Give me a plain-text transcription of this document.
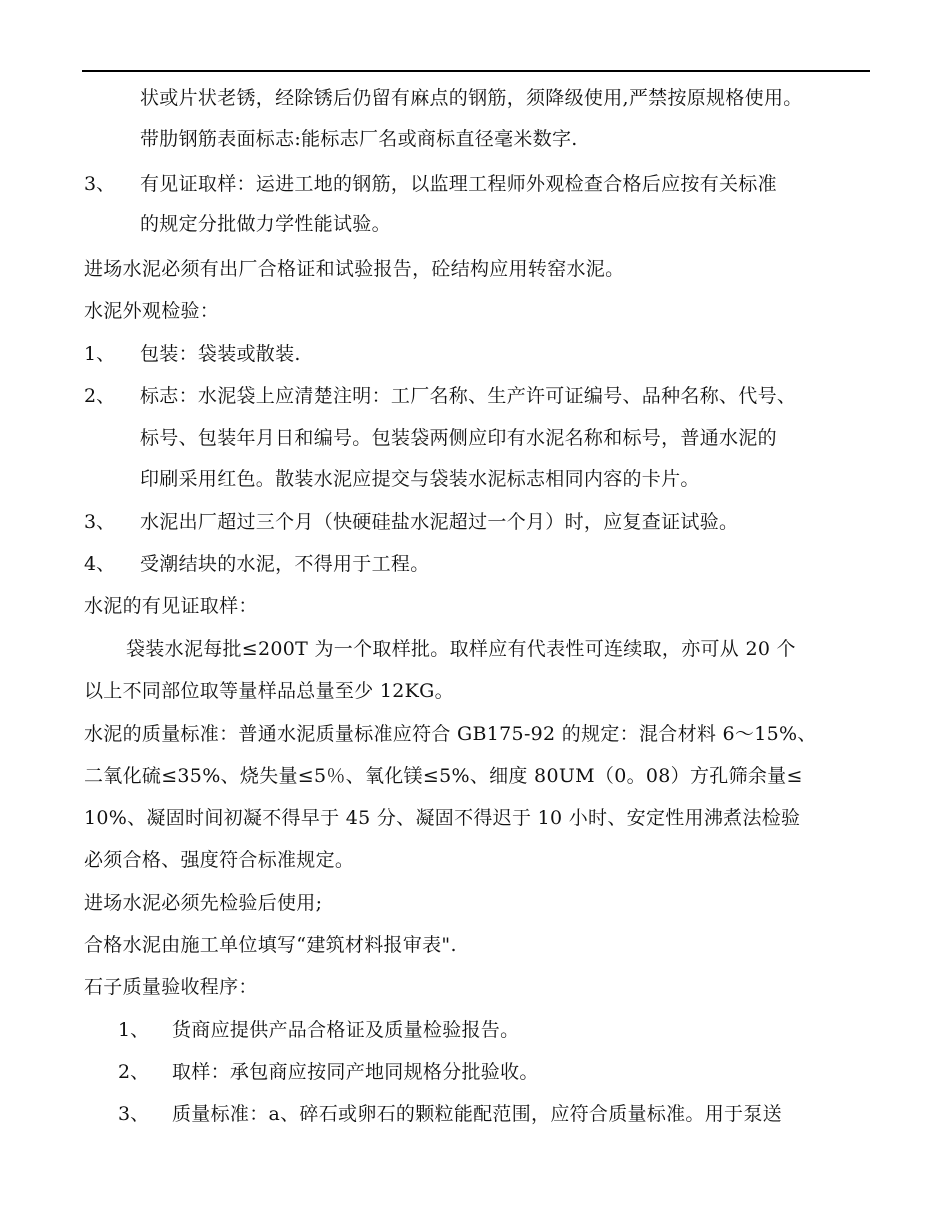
状或片状老锈，经除锈后仍留有麻点的钢筋，须降级使用,严禁按原规格使用。
带肋钢筋表面标志:能标志厂名或商标直径毫米数字.
3、 有见证取样：运进工地的钢筋，以监理工程师外观检查合格后应按有关标准
的规定分批做力学性能试验。
进场水泥必须有出厂合格证和试验报告，砼结构应用转窑水泥。
水泥外观检验：
1、 包装：袋装或散装.
2、 标志：水泥袋上应清楚注明：工厂名称、生产许可证编号、品种名称、代号、
标号、包装年月日和编号。包装袋两侧应印有水泥名称和标号，普通水泥的
印刷采用红色。散装水泥应提交与袋装水泥标志相同内容的卡片。
3、 水泥出厂超过三个月（快硬硅盐水泥超过一个月）时，应复查证试验。
4、 受潮结块的水泥，不得用于工程。
水泥的有见证取样：
袋装水泥每批≤200T 为一个取样批。取样应有代表性可连续取，亦可从 20 个
以上不同部位取等量样品总量至少 12KG。
水泥的质量标准：普通水泥质量标准应符合 GB175-92 的规定：混合材料 6～15%、
二氧化硫≤35%、烧失量≤5％、氧化镁≤5%、细度 80UM（0。08）方孔筛余量≤
10%、凝固时间初凝不得早于 45 分、凝固不得迟于 10 小时、安定性用沸煮法检验
必须合格、强度符合标准规定。
进场水泥必须先检验后使用;
合格水泥由施工单位填写“建筑材料报审表".
石子质量验收程序：
1、 货商应提供产品合格证及质量检验报告。
2、 取样：承包商应按同产地同规格分批验收。
3、 质量标准：a、碎石或卵石的颗粒能配范围，应符合质量标准。用于泵送
